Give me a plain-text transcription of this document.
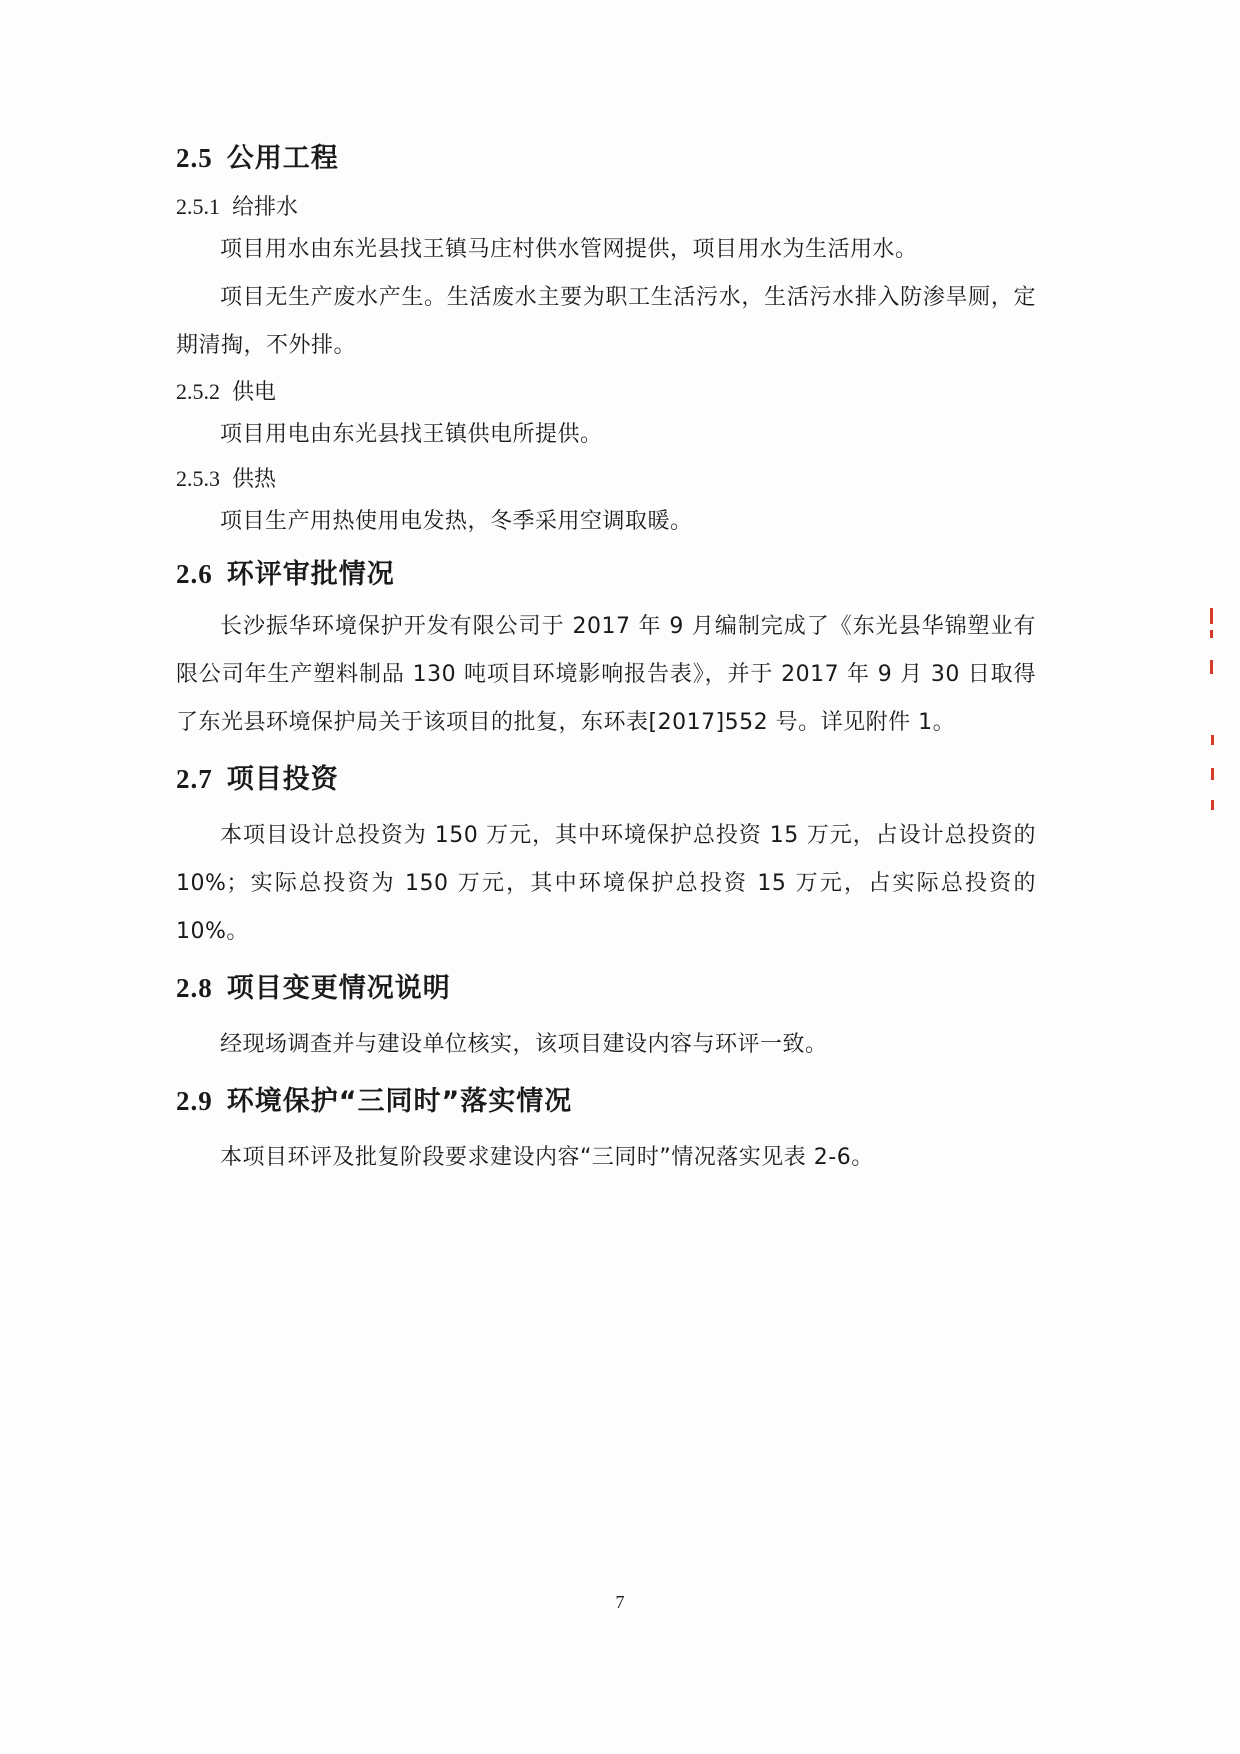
2.5 公用工程
2.5.1 给排水

项目用水由东光县找王镇马庄村供水管网提供，项目用水为生活用水。

项目无生产废水产生。生活废水主要为职工生活污水，生活污水排入防渗旱厕，定期清掏，不外排。

2.5.2 供电

项目用电由东光县找王镇供电所提供。

2.5.3 供热

项目生产用热使用电发热，冬季采用空调取暖。

2.6 环评审批情况

长沙振华环境保护开发有限公司于 2017 年 9 月编制完成了《东光县华锦塑业有限公司年生产塑料制品 130 吨项目环境影响报告表》，并于 2017 年 9 月 30 日取得了东光县环境保护局关于该项目的批复，东环表[2017]552 号。详见附件 1。

2.7 项目投资

本项目设计总投资为 150 万元，其中环境保护总投资 15 万元，占设计总投资的 10%；实际总投资为 150 万元，其中环境保护总投资 15 万元，占实际总投资的 10%。

2.8 项目变更情况说明

经现场调查并与建设单位核实，该项目建设内容与环评一致。

2.9 环境保护“三同时”落实情况

本项目环评及批复阶段要求建设内容“三同时”情况落实见表 2-6。

7
